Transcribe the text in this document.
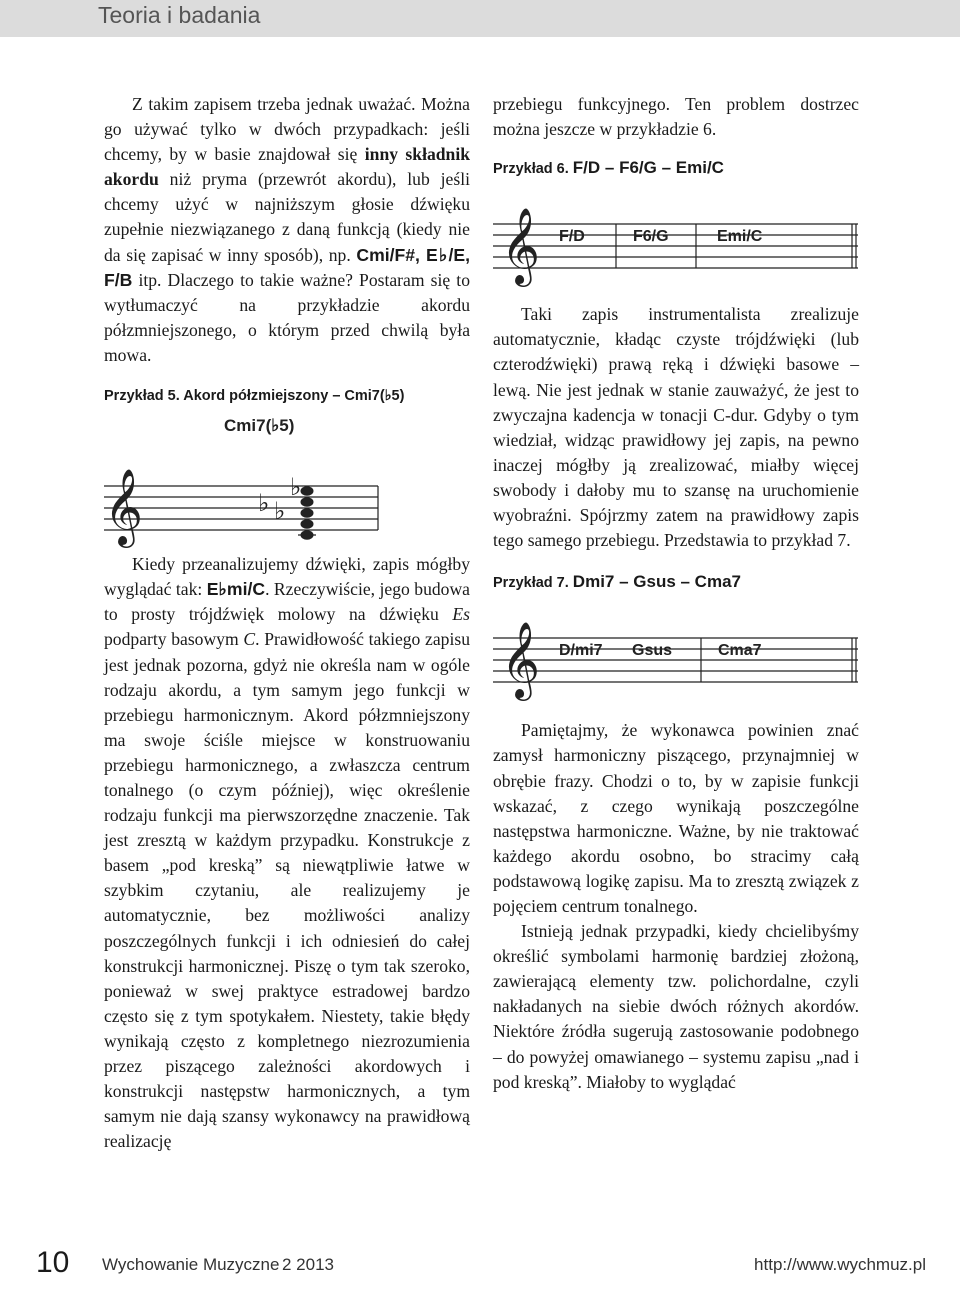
Teoria i badania

Z takim zapisem trzeba jednak uważać. Można go używać tylko w dwóch przypadkach: jeśli chcemy, by w basie znajdował się inny składnik akordu niż pryma (przewrót akordu), lub jeśli chcemy użyć w najniższym głosie dźwięku zupełnie niezwiązanego z daną funkcją (kiedy nie da się zapisać w inny sposób), np. Cmi/F#, E♭/E, F/B itp. Dlaczego to takie ważne? Postaram się to wytłumaczyć na przykładzie akordu półzmniejszonego, o którym przed chwilą była mowa.

Przykład 5. Akord półzmiejszony – Cmi7(♭5)

𝄞
Cmi7(♭5)
♭
♭
♭

Kiedy przeanalizujemy dźwięki, zapis mógłby wyglądać tak: E♭mi/C. Rzeczywiście, jego budowa to prosty trójdźwięk molowy na dźwięku Es podparty basowym C. Prawidłowość takiego zapisu jest jednak pozorna, gdyż nie określa nam w ogóle rodzaju akordu, a tym samym jego funkcji w przebiegu harmonicznym. Akord półzmniejszony ma swoje ściśle miejsce w konstruowaniu przebiegu harmonicznego, a zwłaszcza centrum tonalnego (o czym później), więc określenie rodzaju funkcji ma pierwszorzędne znaczenie. Tak jest zresztą w każdym przypadku. Konstrukcje z basem „pod kreską” są niewątpliwie łatwe w szybkim czytaniu, ale realizujemy je automatycznie, bez możliwości analizy poszczególnych funkcji i ich odniesień do całej konstrukcji harmonicznej. Piszę o tym tak szeroko, ponieważ w swej praktyce estradowej bardzo często się z tym spotykałem. Niestety, takie błędy wynikają często z kompletnego niezrozumienia przez piszącego zależności akordowych i konstrukcji następstw harmonicznych, a tym samym nie dają szansy wykonawcy na prawidłową realizację

przebiegu funkcyjnego. Ten problem dostrzec można jeszcze w przykładzie 6.

Przykład 6. F/D – F6/G – Emi/C

𝄞 F/D	F6/G	Emi/C

Taki zapis instrumentalista zrealizuje automatycznie, kładąc czyste trójdźwięki (lub czterodźwięki) prawą ręką i dźwięki basowe – lewą. Nie jest jednak w stanie zauważyć, że jest to zwyczajna kadencja w tonacji C-dur. Gdyby o tym wiedział, widząc prawidłowy jej zapis, na pewno inaczej mógłby ją zrealizować, miałby więcej swobody i dałoby mu to szansę na uruchomienie wyobraźni. Spójrzmy zatem na prawidłowy zapis tego samego przebiegu. Przedstawia to przykład 7.

Przykład 7. Dmi7 – Gsus – Cma7

𝄞 D/mi7 Gsus	Cma7

Pamiętajmy, że wykonawca powinien znać zamysł harmoniczny piszącego, przynajmniej w obrębie frazy. Chodzi o to, by w zapisie funkcji wskazać, z czego wynikają poszczególne następstwa harmoniczne. Ważne, by nie traktować każdego akordu osobno, bo stracimy całą podstawową logikę zapisu. Ma to zresztą związek z pojęciem centrum tonalnego.

Istnieją jednak przypadki, kiedy chcielibyśmy określić symbolami harmonię bardziej złożoną, zawierającą elementy tzw. polichordalne, czyli nakładanych na siebie dwóch różnych akordów. Niektóre źródła sugerują zastosowanie podobnego – do powyżej omawianego – systemu zapisu „nad i pod kreską”. Miałoby to wyglądać

10 Wychowanie Muzyczne 2 2013	http://www.wychmuz.pl
